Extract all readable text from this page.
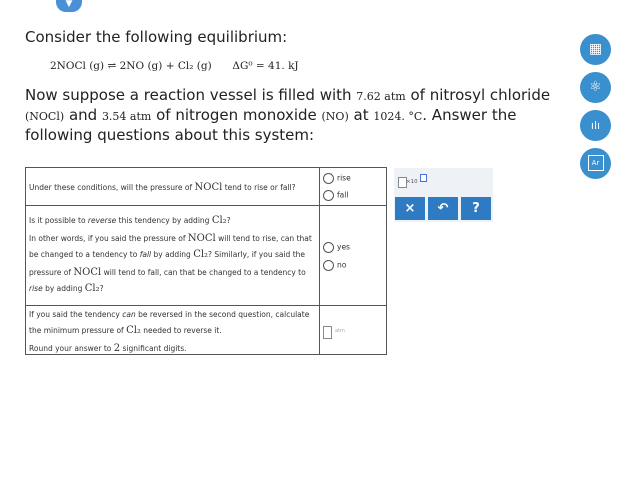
▼
Consider the following equilibrium:
2NOCl (g) ⇌ 2NO (g) + Cl₂ (g) ΔG⁰ = 41. kJ
Now suppose a reaction vessel is filled with 7.62 atm of nitrosyl chloride (NOCl) and 3.54 atm of nitrogen monoxide (NO) at 1024. °C. Answer the following questions about this system:
Under these conditions, will the pressure of NOCl tend to rise or fall?
rise
fall
Is it possible to reverse this tendency by adding Cl₂?
In other words, if you said the pressure of NOCl will tend to rise, can that
be changed to a tendency to fall by adding Cl₂? Similarly, if you said the
pressure of NOCl will tend to fall, can that be changed to a tendency to
rise by adding Cl₂?
yes
no
If you said the tendency can be reversed in the second question, calculate
the minimum pressure of Cl₂ needed to reverse it.
Round your answer to 2 significant digits.
atm
×10
×	↶	?
▦
⚛
ılı
Ar
